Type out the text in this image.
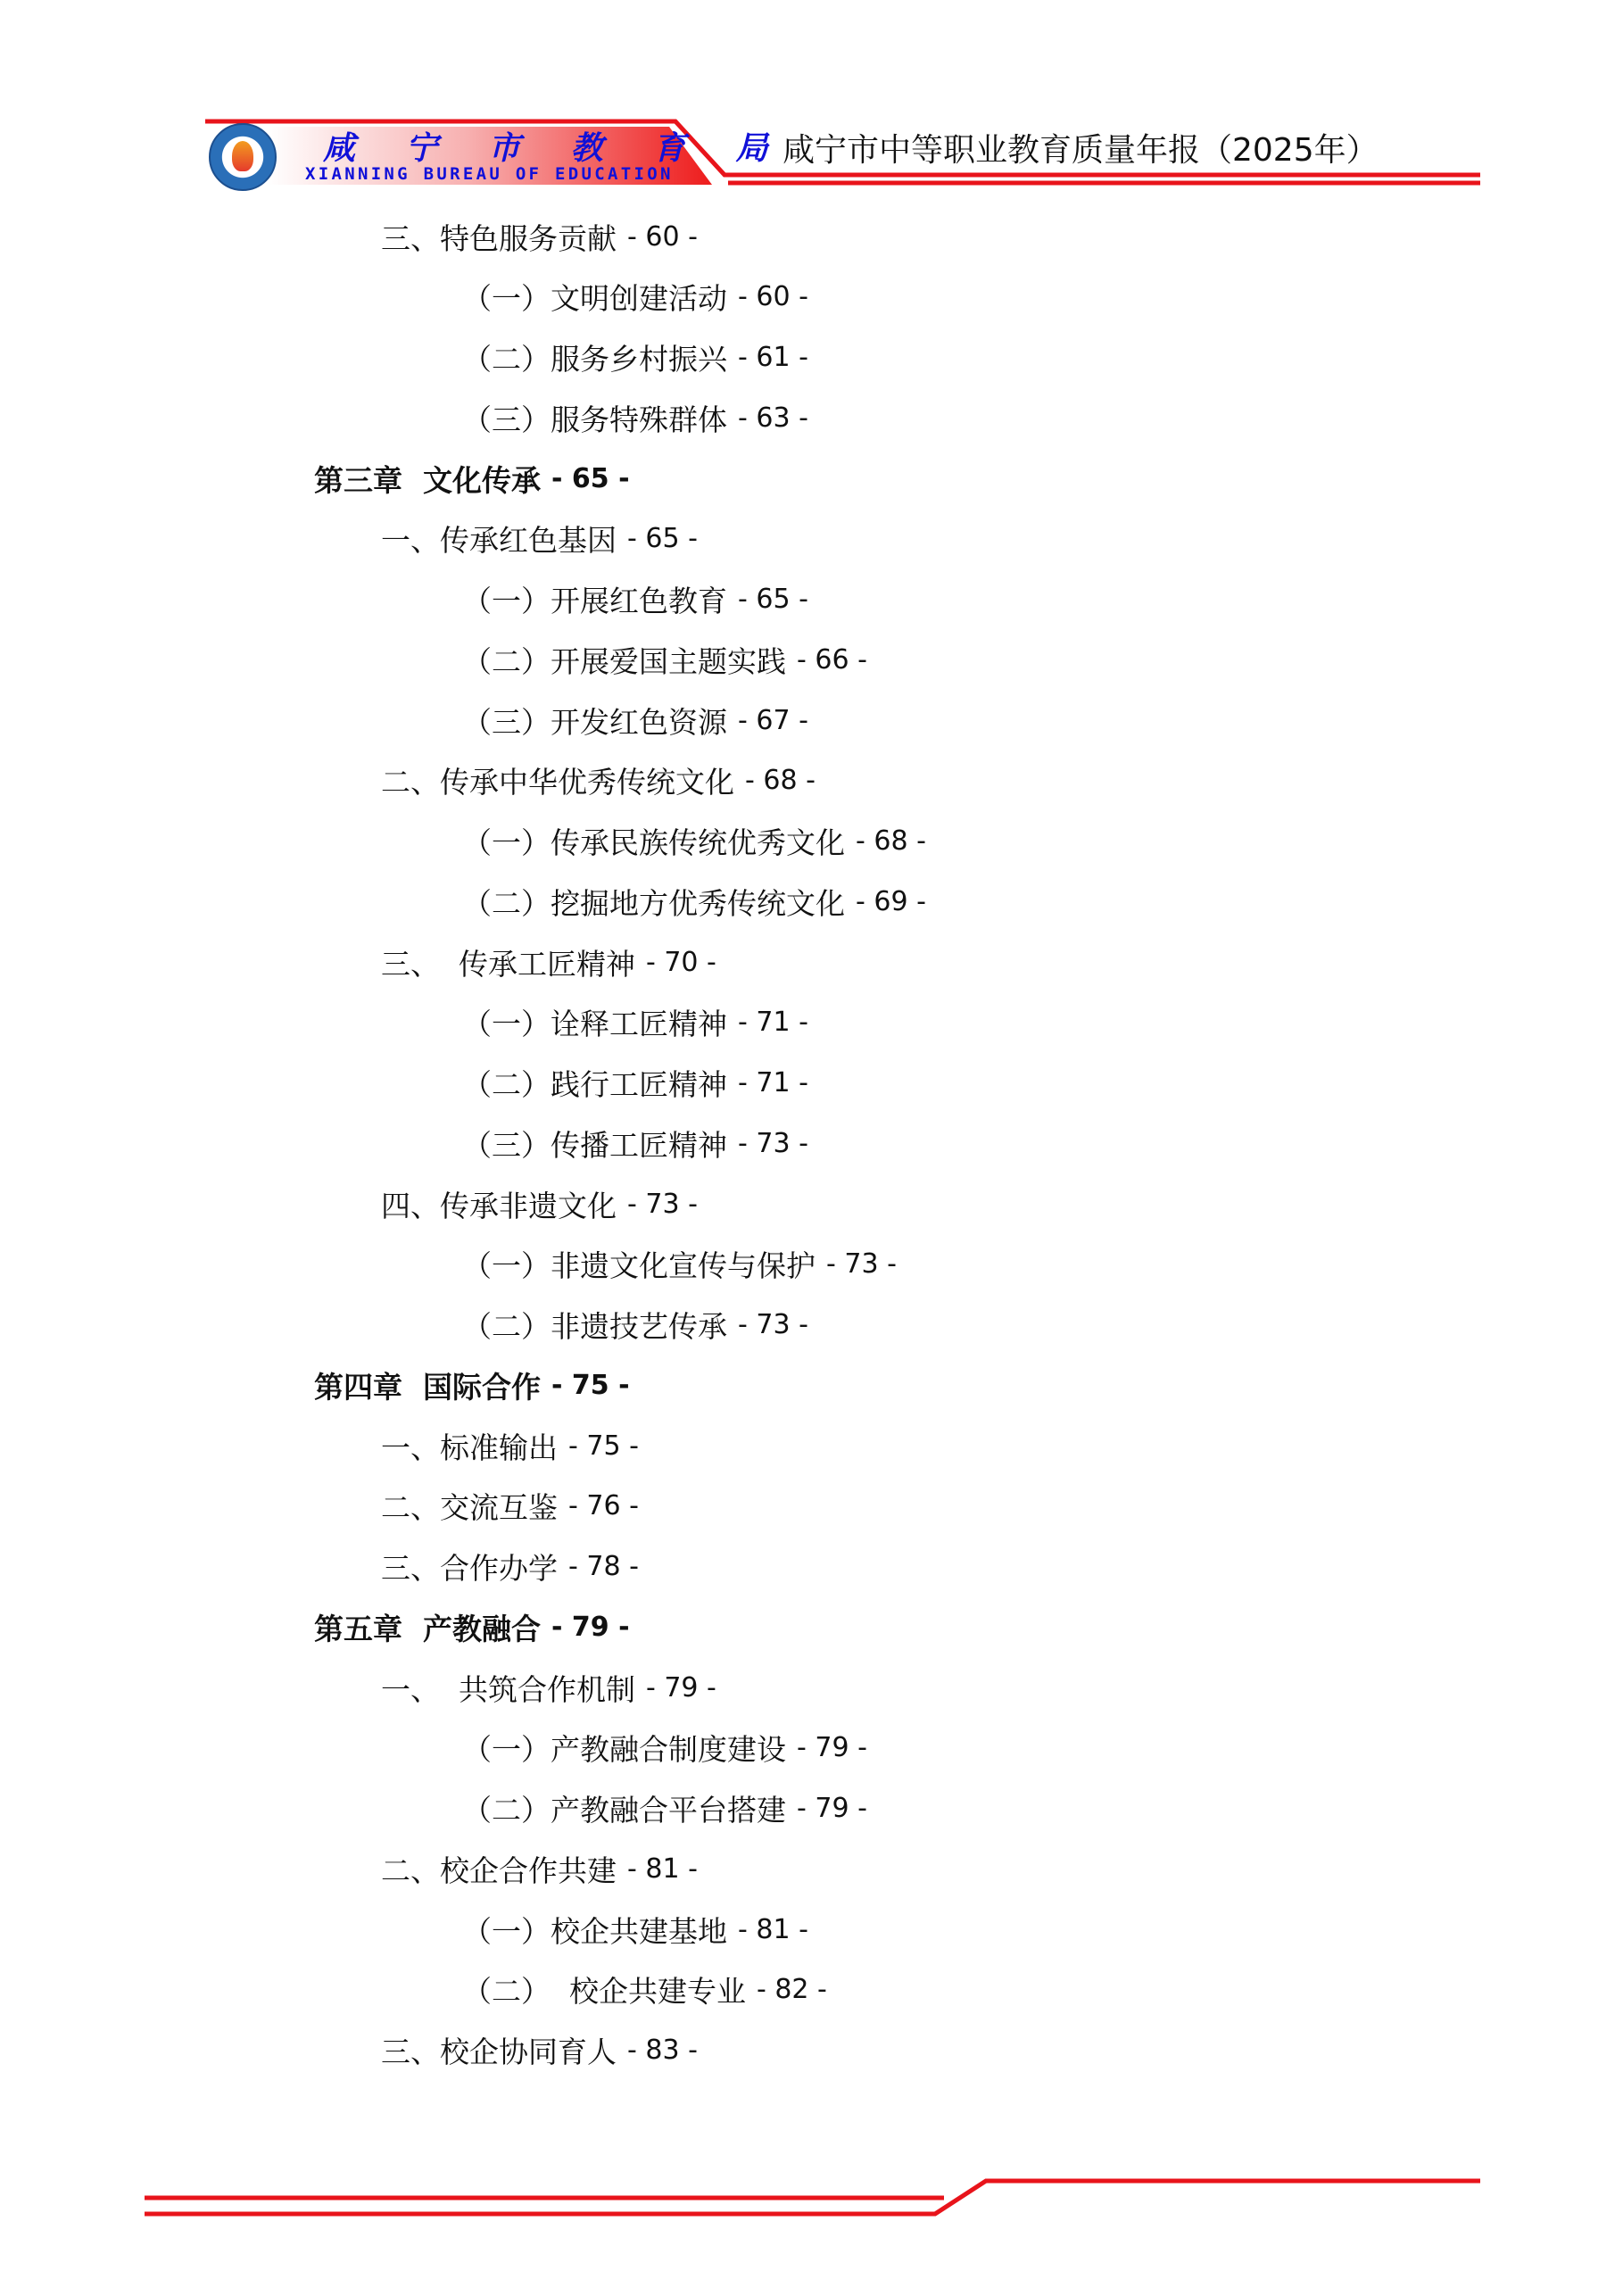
咸 宁 市 教 育 局
XIANNING BUREAU OF EDUCATION
咸宁市中等职业教育质量年报（2025年）
三、特色服务贡献 - 60 -
（一）文明创建活动 - 60 -
（二）服务乡村振兴 - 61 -
（三）服务特殊群体 - 63 -
第三章  文化传承 - 65 -
一、传承红色基因 - 65 -
（一）开展红色教育 - 65 -
（二）开展爱国主题实践 - 66 -
（三）开发红色资源 - 67 -
二、传承中华优秀传统文化 - 68 -
（一）传承民族传统优秀文化 - 68 -
（二）挖掘地方优秀传统文化 - 69 -
三、  传承工匠精神 - 70 -
（一）诠释工匠精神 - 71 -
（二）践行工匠精神 - 71 -
（三）传播工匠精神 - 73 -
四、传承非遗文化 - 73 -
（一）非遗文化宣传与保护 - 73 -
（二）非遗技艺传承 - 73 -
第四章  国际合作 - 75 -
一、标准输出 - 75 -
二、交流互鉴 - 76 -
三、合作办学 - 78 -
第五章  产教融合 - 79 -
一、  共筑合作机制 - 79 -
（一）产教融合制度建设 - 79 -
（二）产教融合平台搭建 - 79 -
二、校企合作共建 - 81 -
（一）校企共建基地 - 81 -
（二）  校企共建专业 - 82 -
三、校企协同育人 - 83 -
